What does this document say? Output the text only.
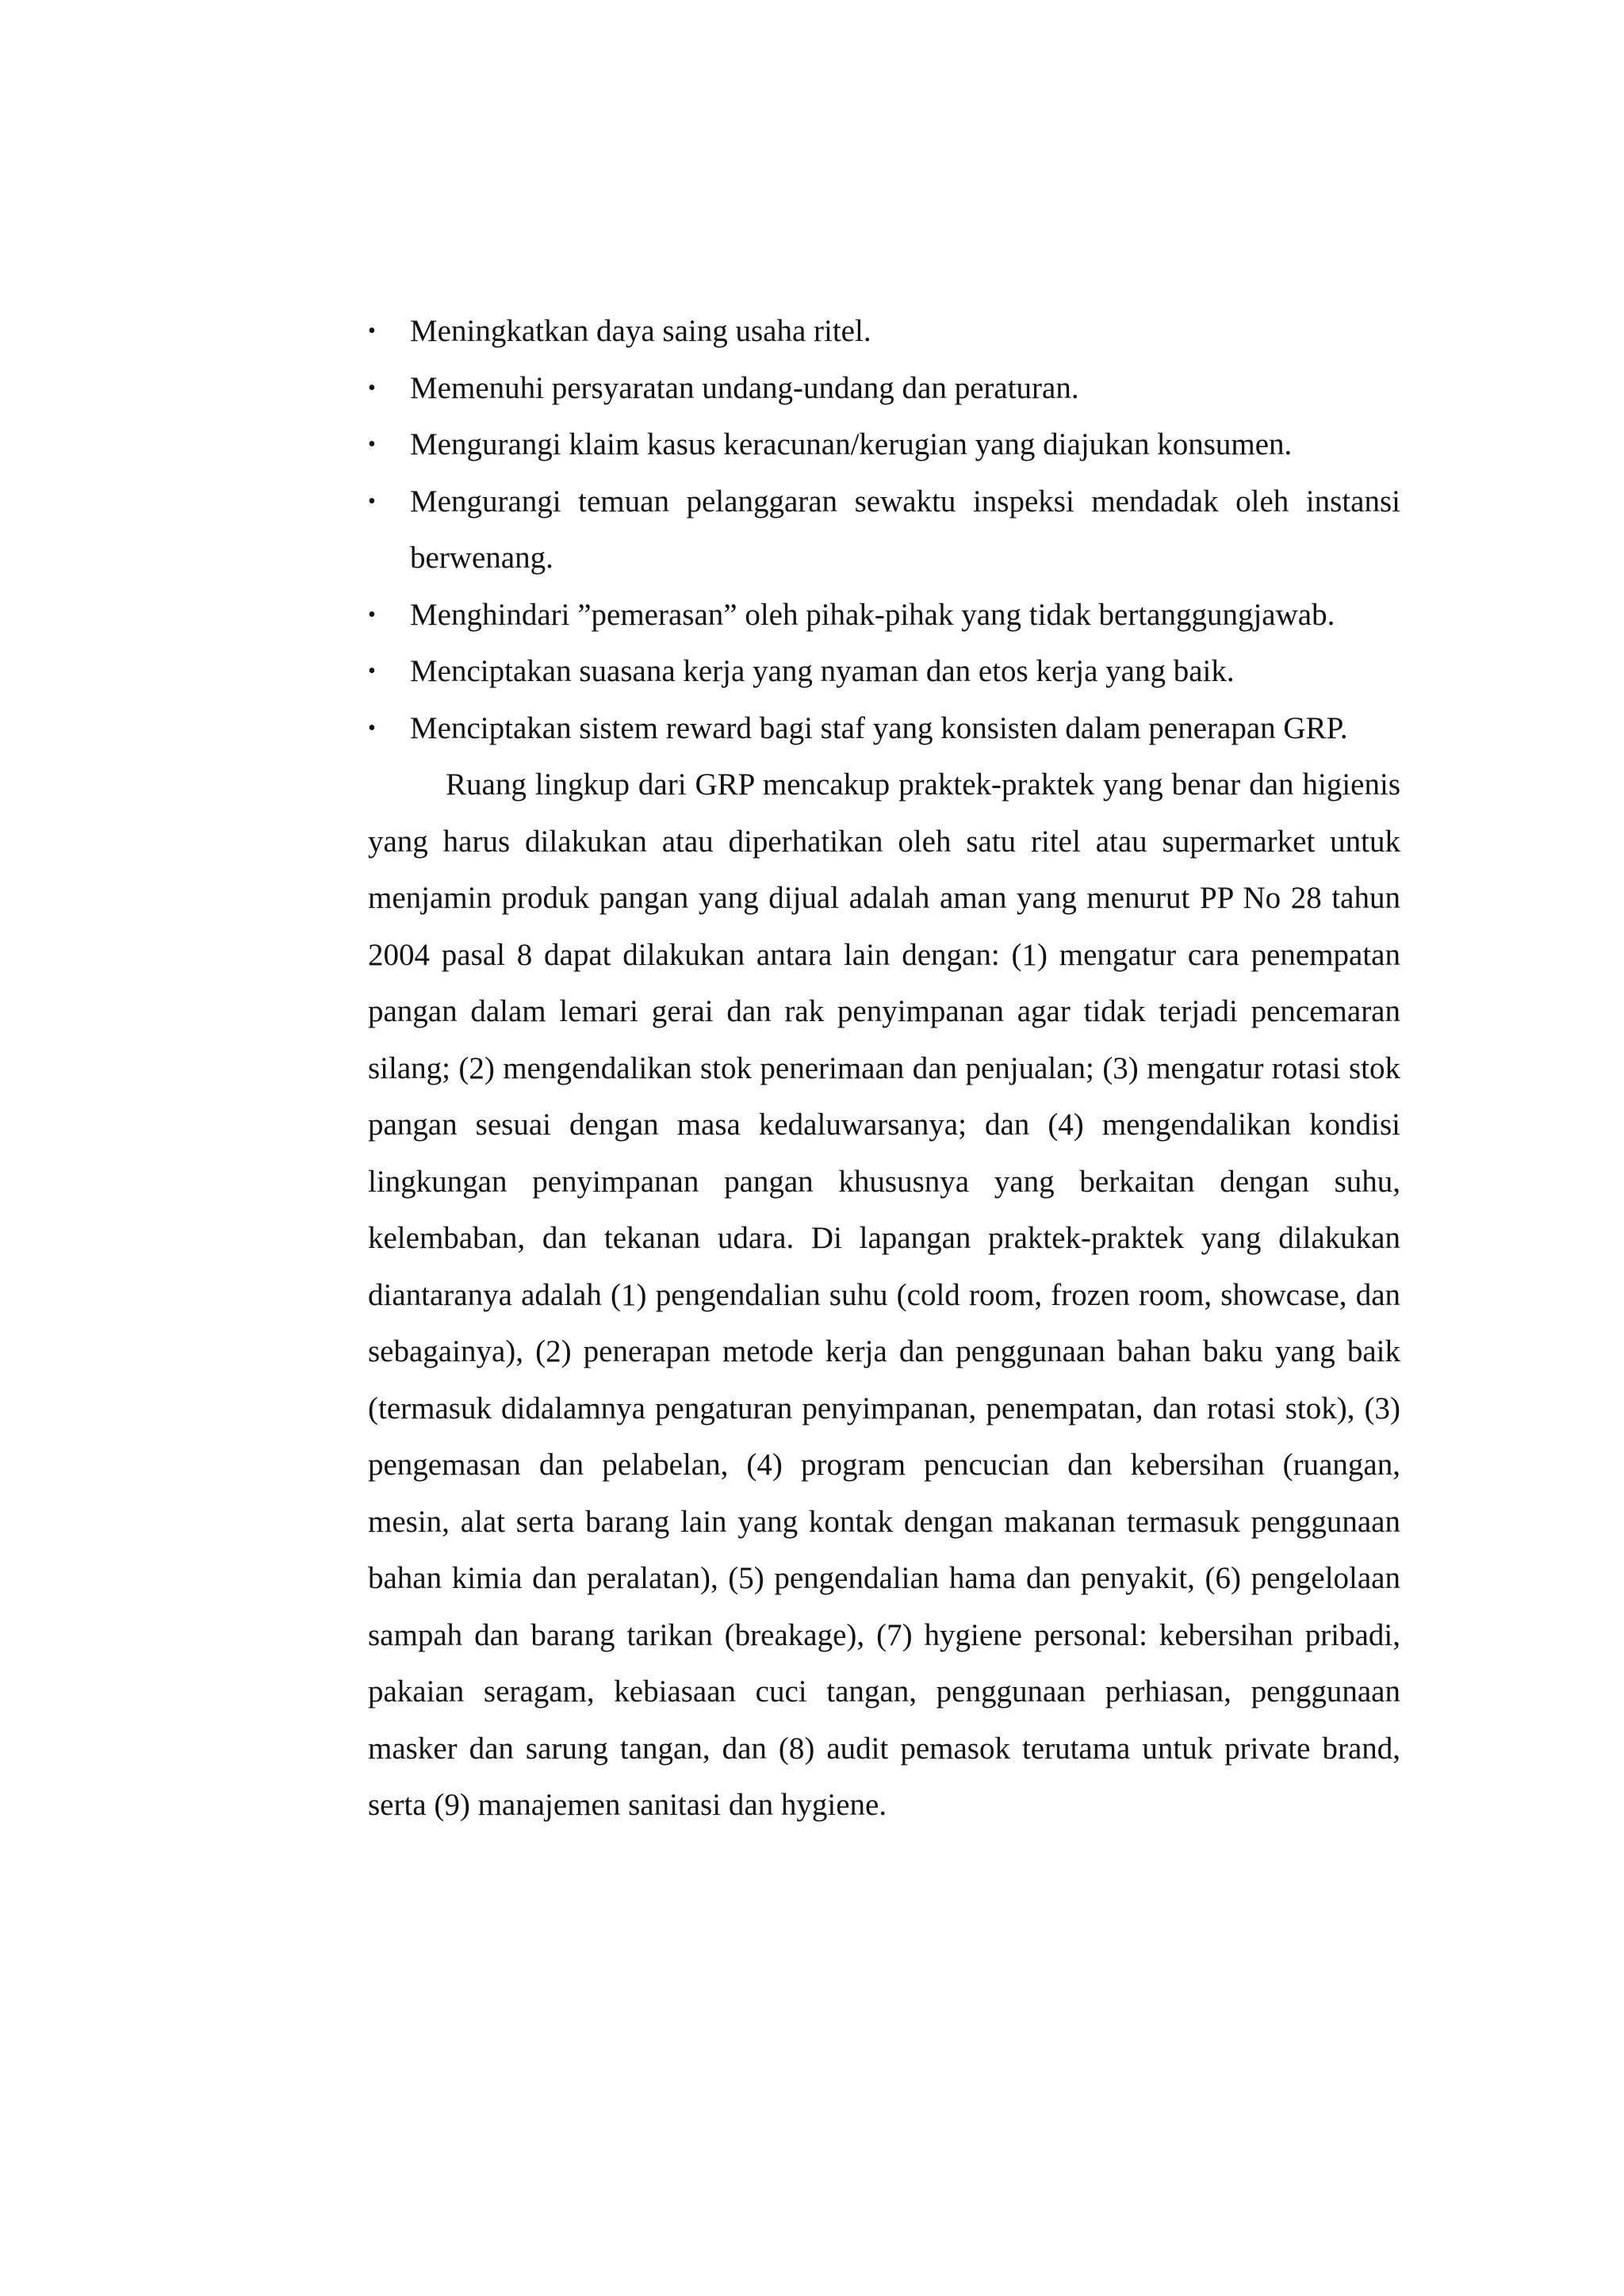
•	Meningkatkan daya saing usaha ritel.
•	Memenuhi persyaratan undang-undang dan peraturan.
•	Mengurangi klaim kasus keracunan/kerugian yang diajukan konsumen.
•	Mengurangi temuan pelanggaran sewaktu inspeksi mendadak oleh instansi berwenang.
•	Menghindari ”pemerasan” oleh pihak-pihak yang tidak bertanggungjawab.
•	Menciptakan suasana kerja yang nyaman dan etos kerja yang baik.
•	Menciptakan sistem reward bagi staf yang konsisten dalam penerapan GRP.

Ruang lingkup dari GRP mencakup praktek-praktek yang benar dan higienis yang harus dilakukan atau diperhatikan oleh satu ritel atau supermarket untuk menjamin produk pangan yang dijual adalah aman yang menurut PP No 28 tahun 2004 pasal 8 dapat dilakukan antara lain dengan: (1) mengatur cara penempatan pangan dalam lemari gerai dan rak penyimpanan agar tidak terjadi pencemaran silang; (2) mengendalikan stok penerimaan dan penjualan; (3) mengatur rotasi stok pangan sesuai dengan masa kedaluwarsanya; dan (4) mengendalikan kondisi lingkungan penyimpanan pangan khususnya yang berkaitan dengan suhu, kelembaban, dan tekanan udara. Di lapangan praktek-praktek yang dilakukan diantaranya adalah (1) pengendalian suhu (cold room, frozen room, showcase, dan sebagainya), (2) penerapan metode kerja dan penggunaan bahan baku yang baik (termasuk didalamnya pengaturan penyimpanan, penempatan, dan rotasi stok), (3) pengemasan dan pelabelan, (4) program pencucian dan kebersihan (ruangan, mesin, alat serta barang lain yang kontak dengan makanan termasuk penggunaan bahan kimia dan peralatan), (5) pengendalian hama dan penyakit, (6) pengelolaan sampah dan barang tarikan (breakage), (7) hygiene personal: kebersihan pribadi, pakaian seragam, kebiasaan cuci tangan, penggunaan perhiasan, penggunaan masker dan sarung tangan, dan (8) audit pemasok terutama untuk private brand, serta (9) manajemen sanitasi dan hygiene.
